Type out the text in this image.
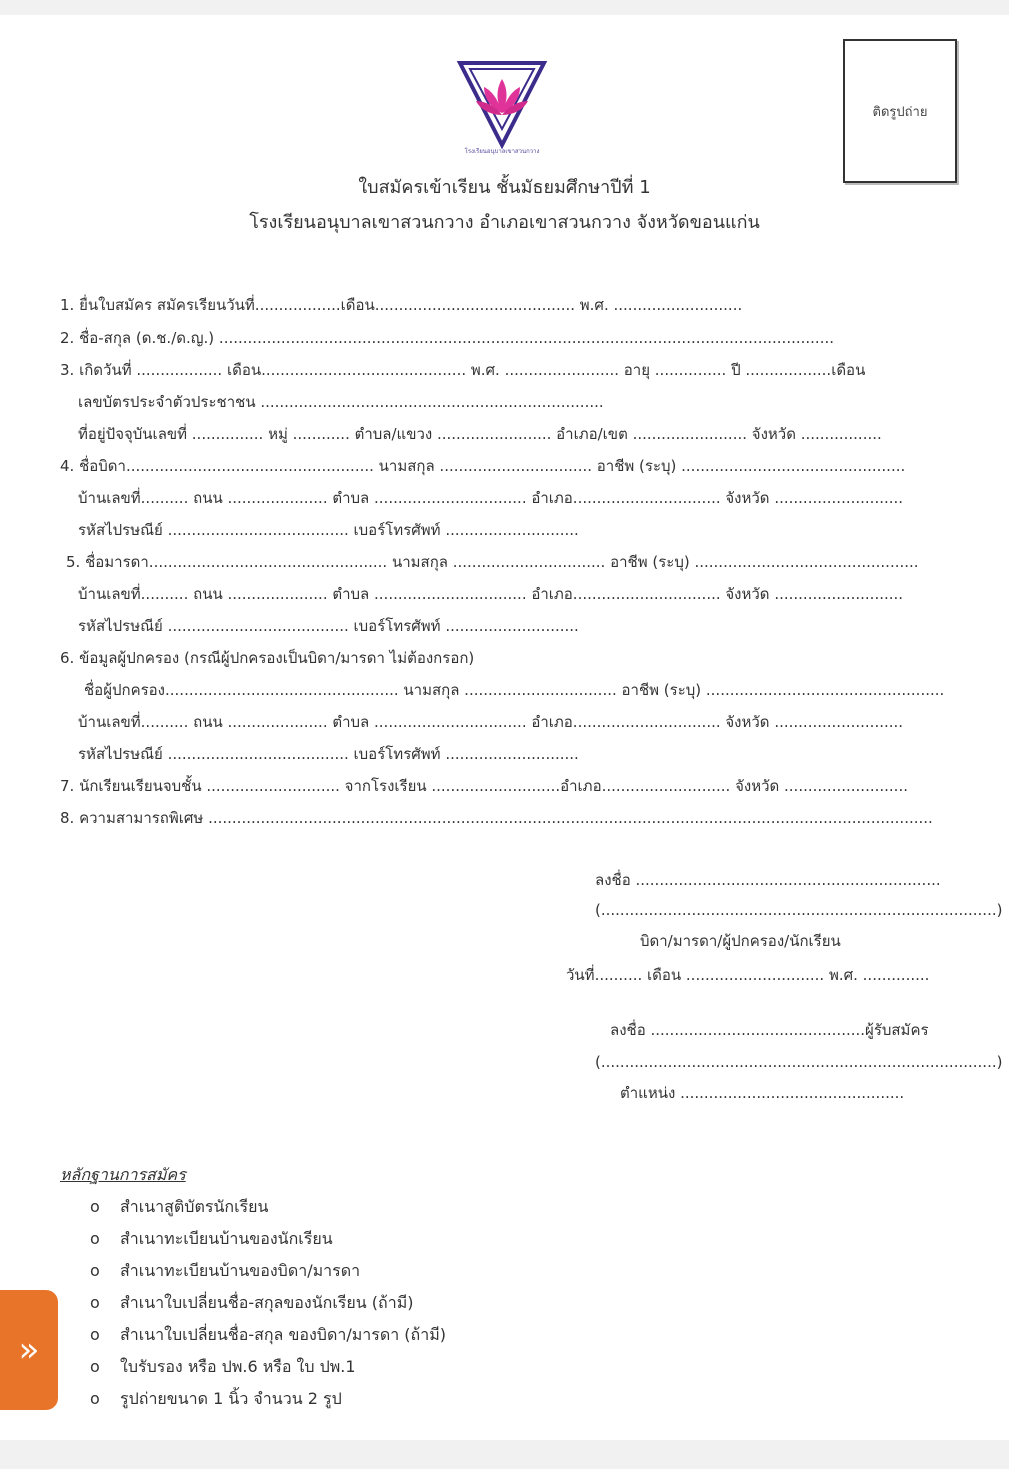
โรงเรียนอนุบาลเขาสวนกวาง
ติดรูปถ่าย
ใบสมัครเข้าเรียน ชั้นมัธยมศึกษาปีที่ 1
โรงเรียนอนุบาลเขาสวนกวาง อำเภอเขาสวนกวาง จังหวัดขอนแก่น
1. ยื่นใบสมัคร สมัครเรียนวันที่..................เดือน.......................................... พ.ศ. ...........................
2. ชื่อ-สกุล (ด.ช./ด.ญ.) .................................................................................................................................
3. เกิดวันที่ .................. เดือน........................................... พ.ศ. ........................ อายุ ............... ปี ..................เดือน
เลขบัตรประจำตัวประชาชน ........................................................................
ที่อยู่ปัจจุบันเลขที่ ............... หมู่ ............ ตำบล/แขวง ........................ อำเภอ/เขต ........................ จังหวัด .................
4. ชื่อบิดา.................................................... นามสกุล ................................ อาชีพ (ระบุ) ...............................................
บ้านเลขที่.......... ถนน ..................... ตำบล ................................ อำเภอ............................... จังหวัด ...........................
รหัสไปรษณีย์ ...................................... เบอร์โทรศัพท์ ............................
5. ชื่อมารดา.................................................. นามสกุล ................................ อาชีพ (ระบุ) ...............................................
บ้านเลขที่.......... ถนน ..................... ตำบล ................................ อำเภอ............................... จังหวัด ...........................
รหัสไปรษณีย์ ...................................... เบอร์โทรศัพท์ ............................
6. ข้อมูลผู้ปกครอง (กรณีผู้ปกครองเป็นบิดา/มารดา ไม่ต้องกรอก)
ชื่อผู้ปกครอง................................................. นามสกุล ................................ อาชีพ (ระบุ) ..................................................
บ้านเลขที่.......... ถนน ..................... ตำบล ................................ อำเภอ............................... จังหวัด ...........................
รหัสไปรษณีย์ ...................................... เบอร์โทรศัพท์ ............................
7. นักเรียนเรียนจบชั้น ............................ จากโรงเรียน ...........................อำเภอ........................... จังหวัด ..........................
8. ความสามารถพิเศษ ........................................................................................................................................................
ลงชื่อ ................................................................
(...................................................................................)
บิดา/มารดา/ผู้ปกครอง/นักเรียน
วันที่.......... เดือน ............................. พ.ศ. ..............
ลงชื่อ .............................................ผู้รับสมัคร
(...................................................................................)
ตำแหน่ง ...............................................
หลักฐานการสมัคร
o สำเนาสูติบัตรนักเรียน
o สำเนาทะเบียนบ้านของนักเรียน
o สำเนาทะเบียนบ้านของบิดา/มารดา
o สำเนาใบเปลี่ยนชื่อ-สกุลของนักเรียน (ถ้ามี)
o สำเนาใบเปลี่ยนชื่อ-สกุล ของบิดา/มารดา (ถ้ามี)
o ใบรับรอง หรือ ปพ.6 หรือ ใบ ปพ.1
o รูปถ่ายขนาด 1 นิ้ว จำนวน 2 รูป
»
